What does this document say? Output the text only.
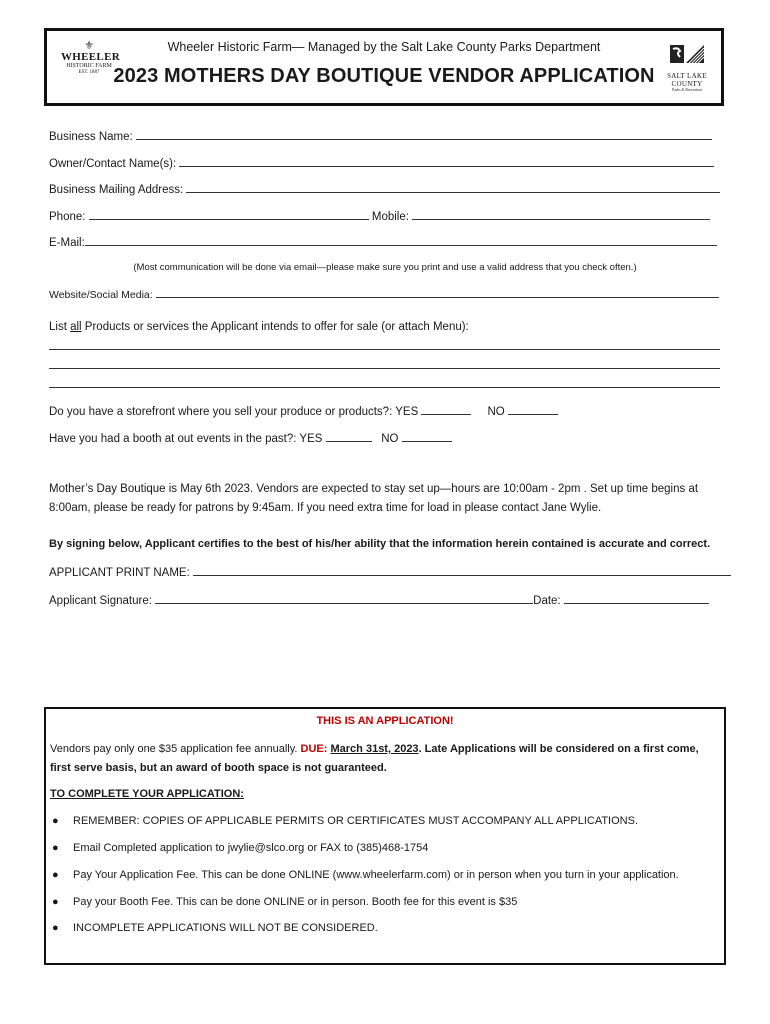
⚜
WHEELER
HISTORIC FARM
EST. 1887
Wheeler Historic Farm— Managed by the Salt Lake County Parks Department
2023 MOTHERS DAY BOUTIQUE VENDOR APPLICATION	SALT LAKE
COUNTY
Parks & Recreation
Business Name:
Owner/Contact Name(s):
Business Mailing Address:
Phone:	Mobile:
E-Mail:
(Most communication will be done via email—please make sure you print and use a valid address that you check often.)
Website/Social Media:
List all Products or services the Applicant intends to offer for sale (or attach Menu):
Do you have a storefront where you sell your produce or products?: YES	NO
Have you had a booth at out events in the past?: YES	NO
Mother’s Day Boutique is May 6th 2023. Vendors are expected to stay set up—hours are 10:00am - 2pm . Set up time begins at 8:00am, please be ready for patrons by 9:45am. If you need extra time for load in please contact Jane Wylie.
By signing below, Applicant certifies to the best of his/her ability that the information herein contained is accurate and correct.
APPLICANT PRINT NAME:
Applicant Signature:	Date:
THIS IS AN APPLICATION!
Vendors pay only one $35 application fee annually. DUE: March 31st, 2023. Late Applications will be considered on a first come, first serve basis, but an award of booth space is not guaranteed.
TO COMPLETE YOUR APPLICATION:
● REMEMBER: COPIES OF APPLICABLE PERMITS OR CERTIFICATES MUST ACCOMPANY ALL APPLICATIONS.
● Email Completed application to jwylie@slco.org or FAX to (385)468-1754
● Pay Your Application Fee. This can be done ONLINE (www.wheelerfarm.com) or in person when you turn in your application.
● Pay your Booth Fee. This can be done ONLINE or in person. Booth fee for this event is $35
● INCOMPLETE APPLICATIONS WILL NOT BE CONSIDERED.
